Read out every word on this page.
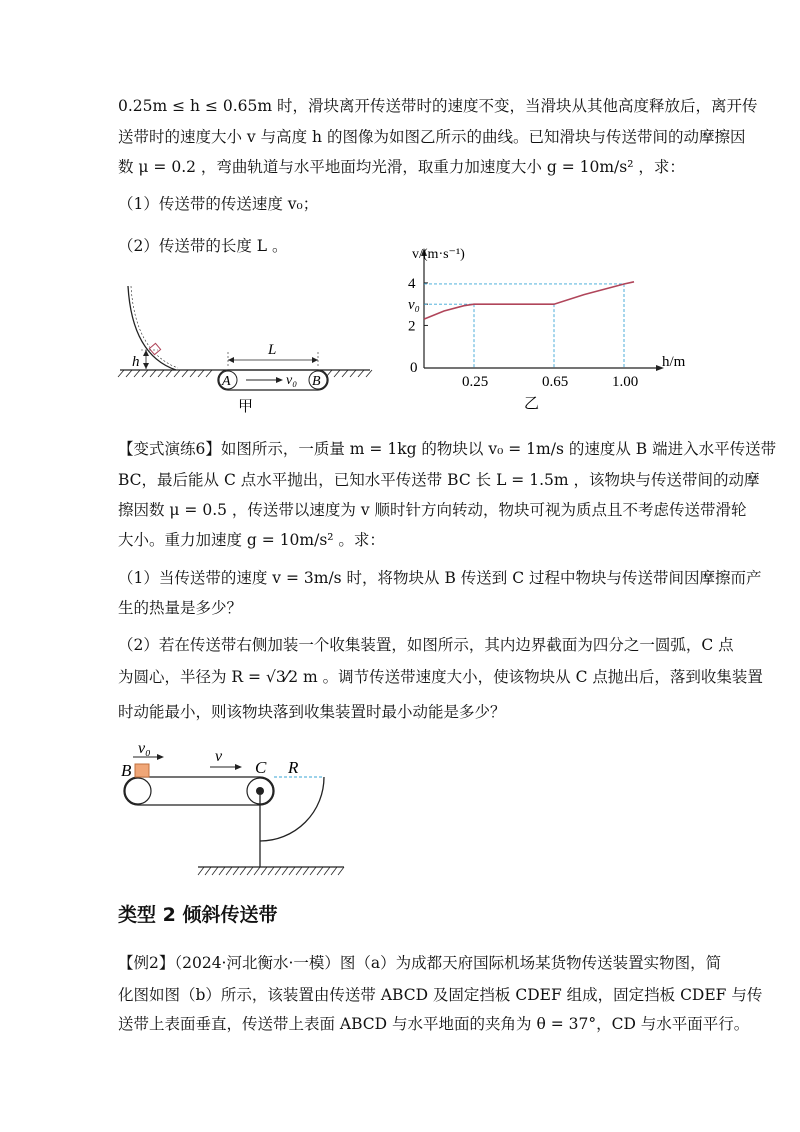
0.25m ≤ h ≤ 0.65m 时，滑块离开传送带时的速度不变，当滑块从其他高度释放后，离开传
送带时的速度大小 v 与高度 h 的图像为如图乙所示的曲线。已知滑块与传送带间的动摩擦因
数 μ = 0.2 ，弯曲轨道与水平地面均光滑，取重力加速度大小 g = 10m/s² ，求：
（1）传送带的传送速度 v₀；
（2）传送带的长度 L 。
h
A	B
v₀
L
甲
v/(m·s⁻¹)
h/m
0
0.25	0.65	1.00
2
v₀
4
乙
【变式演练6】如图所示，一质量 m = 1kg 的物块以 v₀ = 1m/s 的速度从 B 端进入水平传送带
BC，最后能从 C 点水平抛出，已知水平传送带 BC 长 L = 1.5m ，该物块与传送带间的动摩
擦因数 μ = 0.5 ，传送带以速度为 v 顺时针方向转动，物块可视为质点且不考虑传送带滑轮
大小。重力加速度 g = 10m/s² 。求：
（1）当传送带的速度 v = 3m/s 时，将物块从 B 传送到 C 过程中物块与传送带间因摩擦而产
生的热量是多少？
（2）若在传送带右侧加装一个收集装置，如图所示，其内边界截面为四分之一圆弧，C 点
为圆心，半径为 R = √3⁄2 m 。调节传送带速度大小，使该物块从 C 点抛出后，落到收集装置
时动能最小，则该物块落到收集装置时最小动能是多少？
B
v₀	v
C R
类型 2 倾斜传送带
【例2】（2024·河北衡水·一模）图（a）为成都天府国际机场某货物传送装置实物图，简
化图如图（b）所示，该装置由传送带 ABCD 及固定挡板 CDEF 组成，固定挡板 CDEF 与传
送带上表面垂直，传送带上表面 ABCD 与水平地面的夹角为 θ = 37°，CD 与水平面平行。
